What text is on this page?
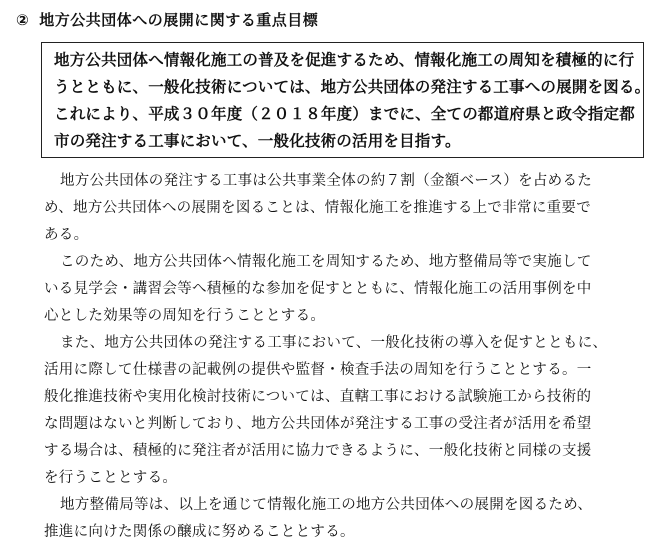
② 地方公共団体への展開に関する重点目標
地方公共団体へ情報化施工の普及を促進するため、情報化施工の周知を積極的に行
うとともに、一般化技術については、地方公共団体の発注する工事への展開を図る。
これにより、平成３０年度（２０１８年度）までに、全ての都道府県と政令指定都
市の発注する工事において、一般化技術の活用を目指す。
地方公共団体の発注する工事は公共事業全体の約７割（金額ベース）を占めるた
め、地方公共団体への展開を図ることは、情報化施工を推進する上で非常に重要で
ある。
このため、地方公共団体へ情報化施工を周知するため、地方整備局等で実施して
いる見学会・講習会等へ積極的な参加を促すとともに、情報化施工の活用事例を中
心とした効果等の周知を行うこととする。
また、地方公共団体の発注する工事において、一般化技術の導入を促すとともに、
活用に際して仕様書の記載例の提供や監督・検査手法の周知を行うこととする。一
般化推進技術や実用化検討技術については、直轄工事における試験施工から技術的
な問題はないと判断しており、地方公共団体が発注する工事の受注者が活用を希望
する場合は、積極的に発注者が活用に協力できるように、一般化技術と同様の支援
を行うこととする。
地方整備局等は、以上を通じて情報化施工の地方公共団体への展開を図るため、
推進に向けた関係の醸成に努めることとする。
